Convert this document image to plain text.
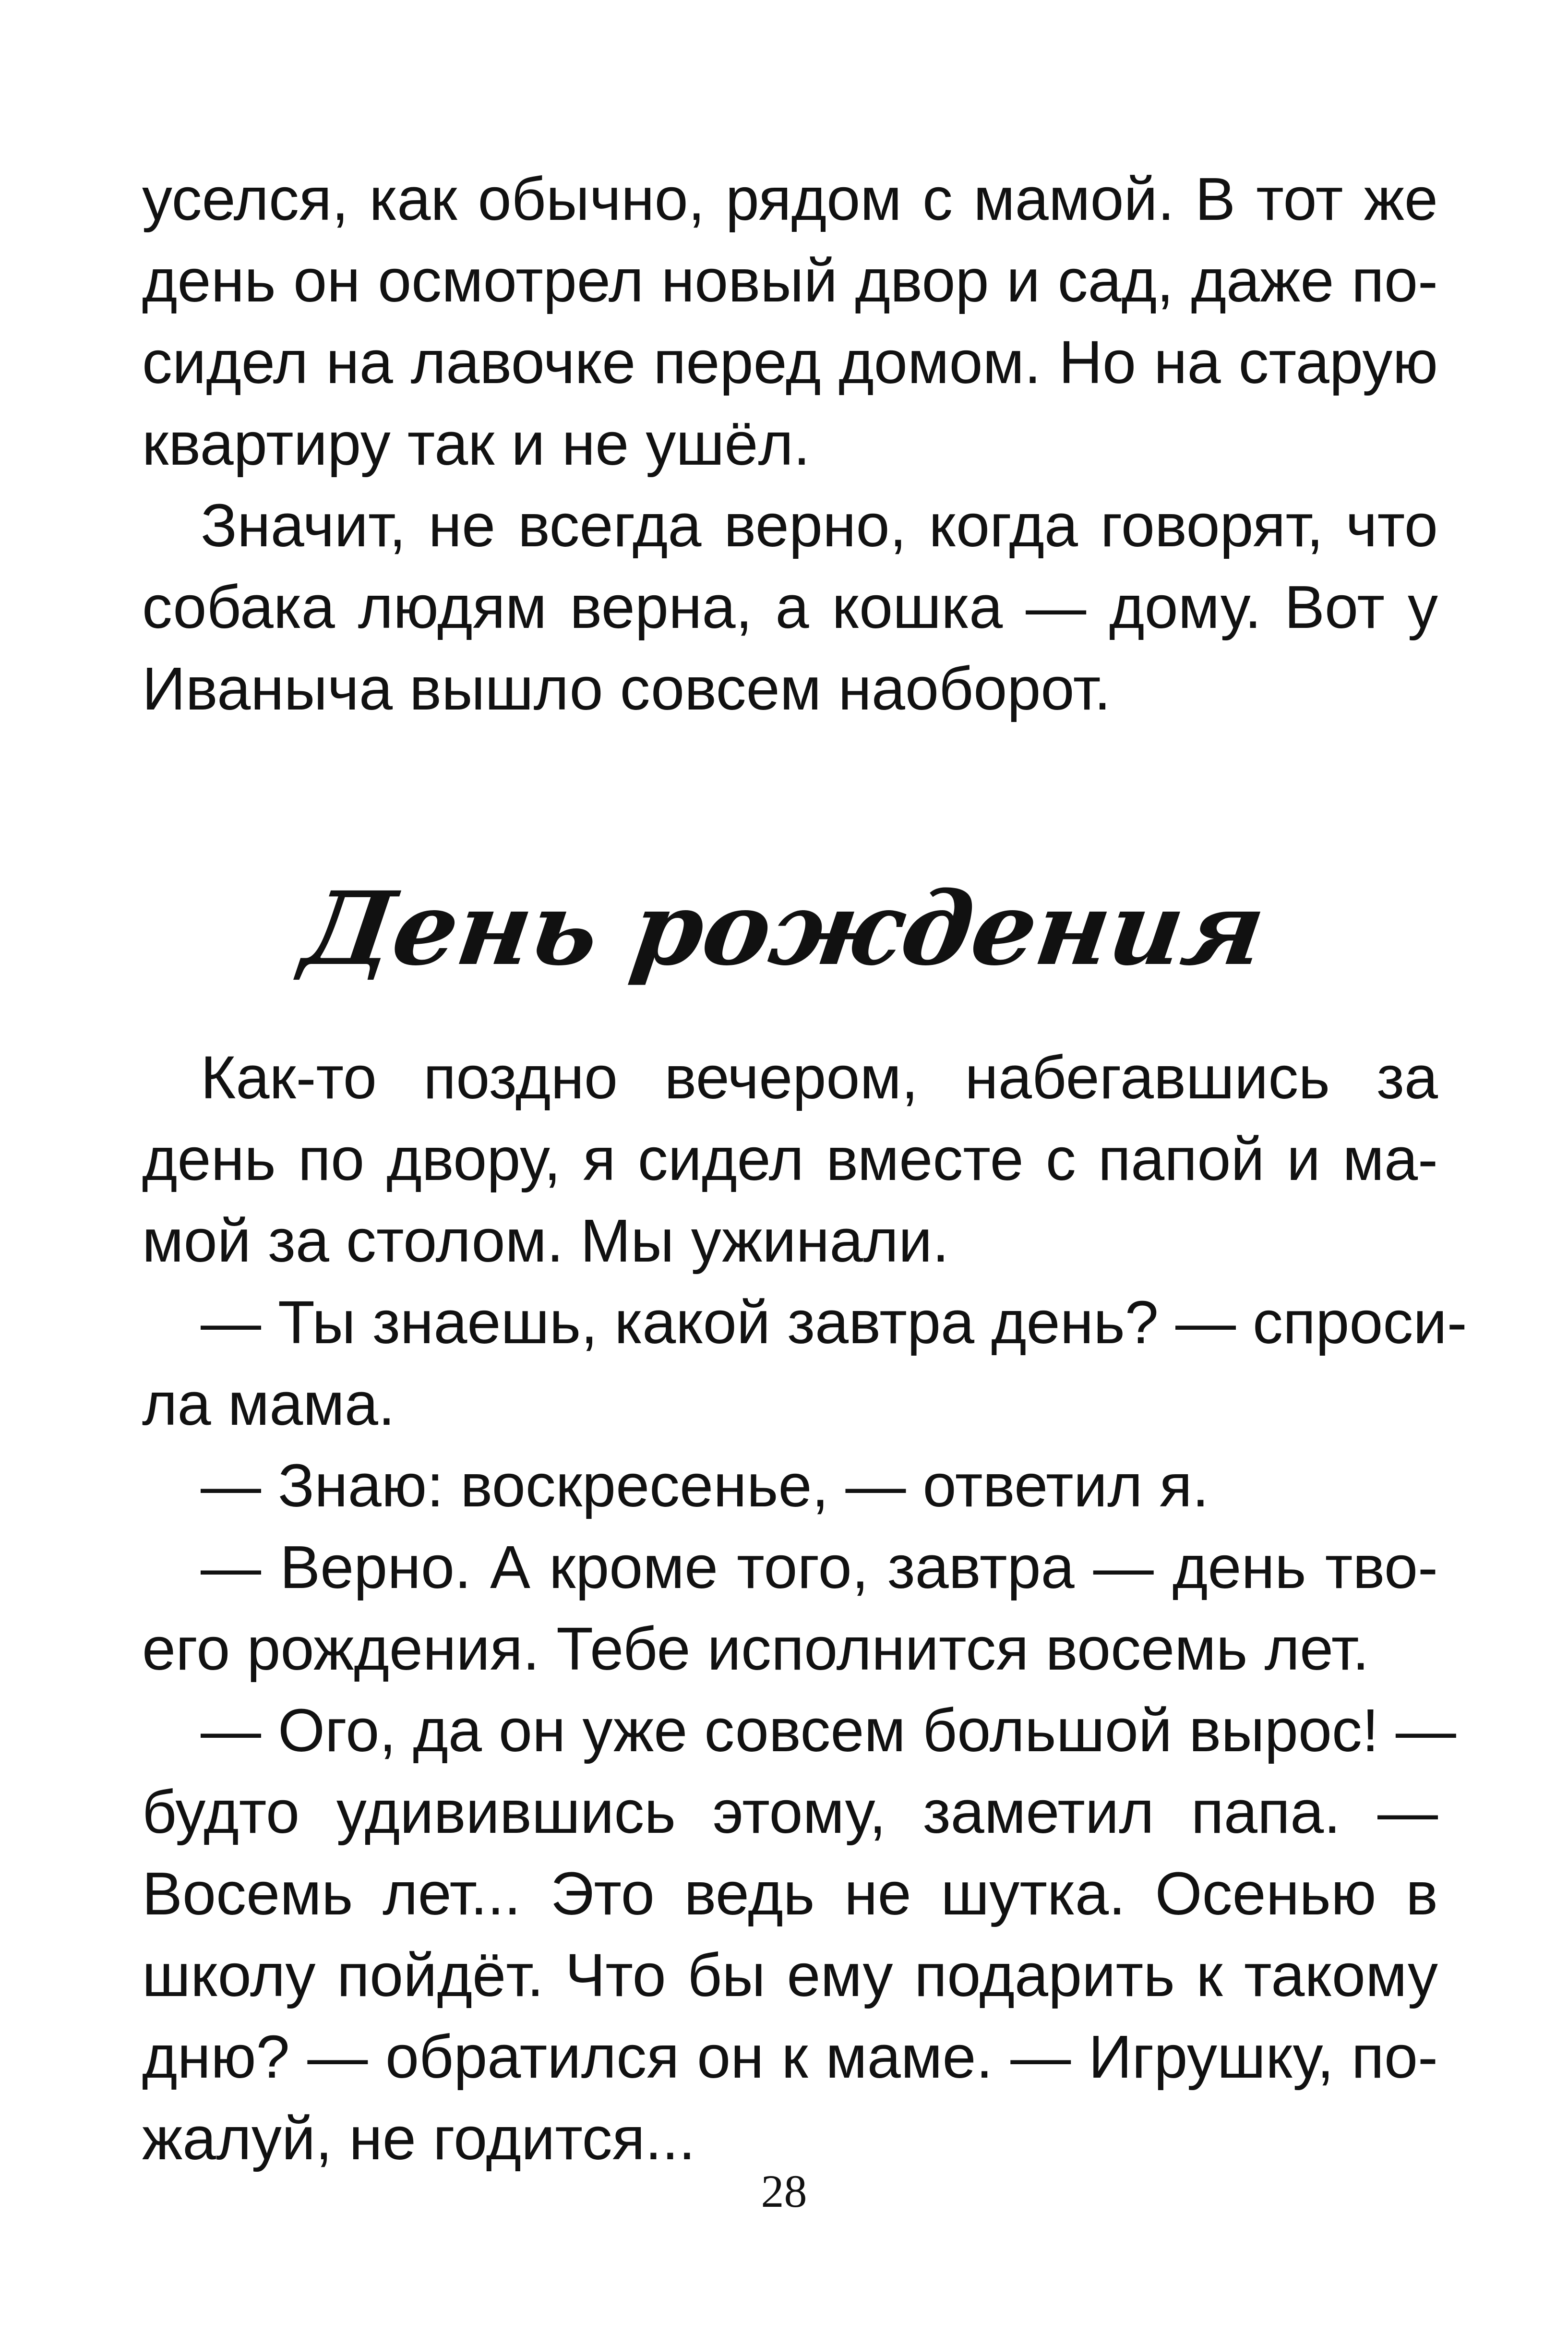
уселся, как обычно, рядом с мамой. В тот же
день он осмотрел новый двор и сад, даже по-
сидел на лавочке перед домом. Но на старую
квартиру так и не ушёл.
Значит, не всегда верно, когда говорят, что
собака людям верна, а кошка — дому. Вот у
Иваныча вышло совсем наоборот.
День рождения
Как-то поздно вечером, набегавшись за
день по двору, я сидел вместе с папой и ма-
мой за столом. Мы ужинали.
— Ты знаешь, какой завтра день? — спроси-
ла мама.
— Знаю: воскресенье, — ответил я.
— Верно. А кроме того, завтра — день тво-
его рождения. Тебе исполнится восемь лет.
— Ого, да он уже совсем большой вырос! —
будто удивившись этому, заметил папа. —
Восемь лет... Это ведь не шутка. Осенью в
школу пойдёт. Что бы ему подарить к такому
дню? — обратился он к маме. — Игрушку, по-
жалуй, не годится...
28
